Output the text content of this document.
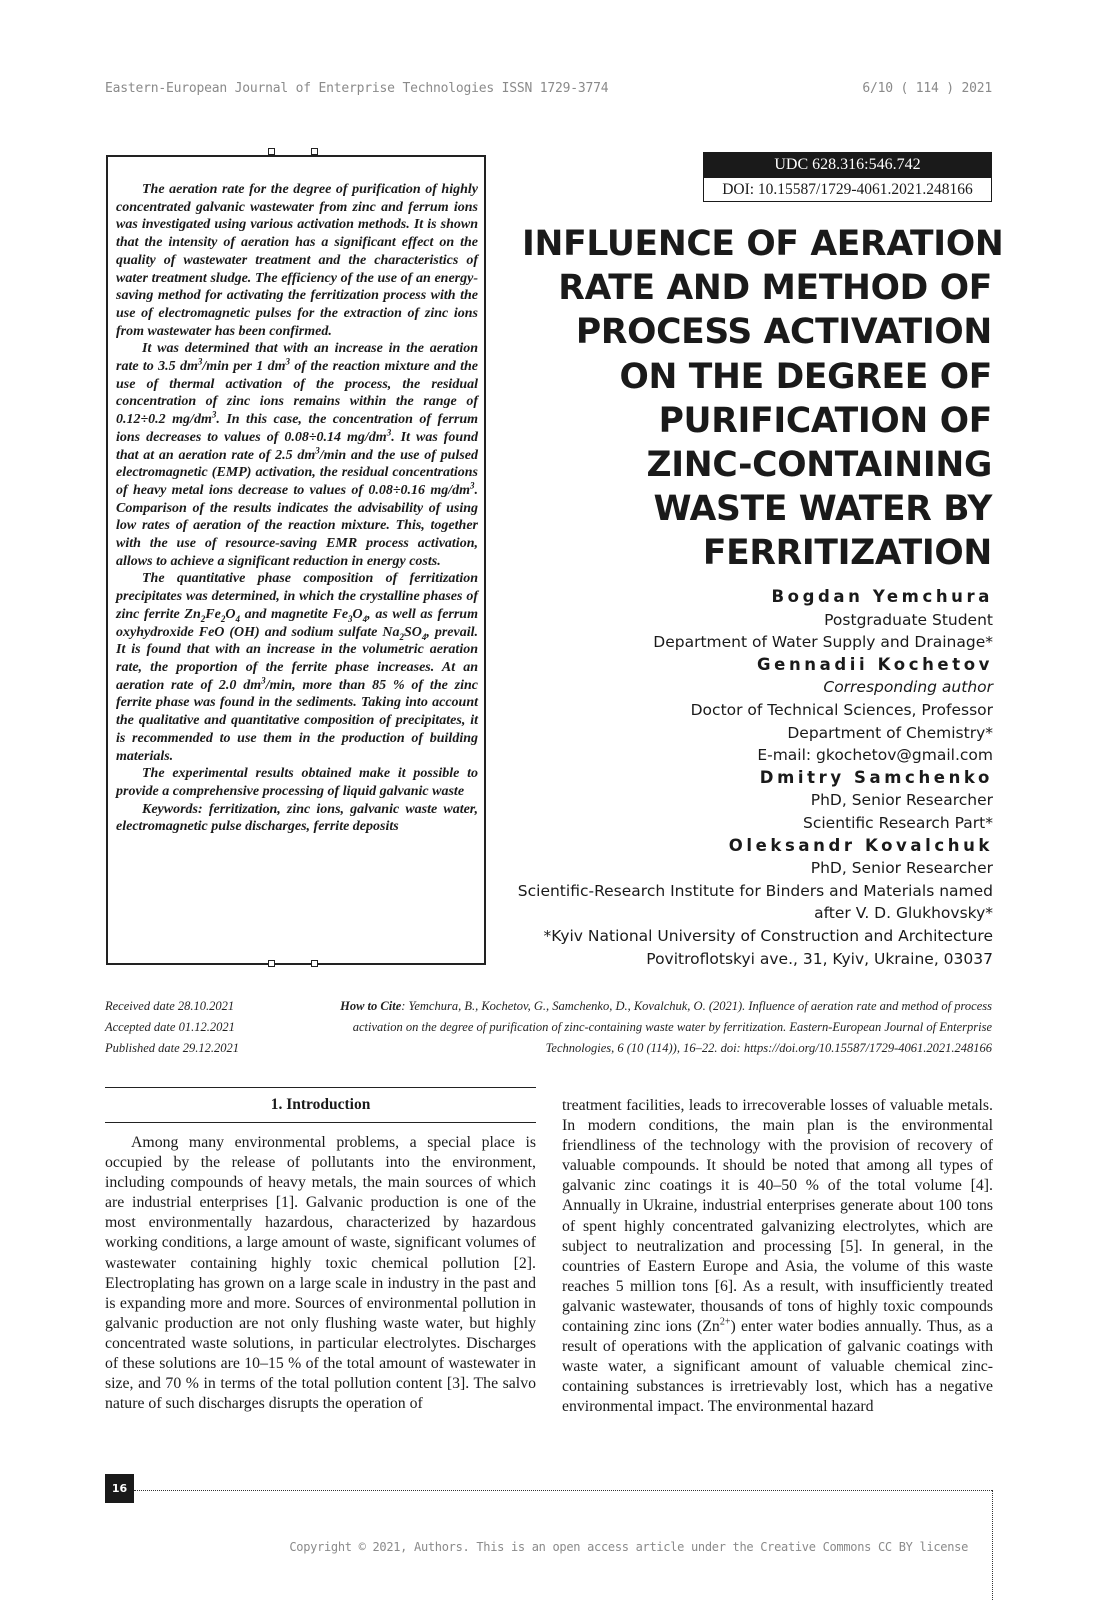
Eastern-European Journal of Enterprise Technologies ISSN 1729-3774	6/10 ( 114 ) 2021

The aeration rate for the degree of purification of highly concentrated galvanic wastewater from zinc and ferrum ions was investigated using various activation methods. It is shown that the intensity of aeration has a significant effect on the quality of wastewater treatment and the characteristics of water treatment sludge. The efficiency of the use of an energy-saving method for activating the ferritization process with the use of electromagnetic pulses for the extraction of zinc ions from wastewater has been confirmed.

It was determined that with an increase in the aeration rate to 3.5 $dm^3/\min$ per 1 $dm^3$ of the reaction mixture and the use of thermal activation of the process, the residual concentration of zinc ions remains within the range of 0.12÷0.2 $mg/dm^3$. In this case, the concentration of ferrum ions decreases to values of 0.08÷0.14 $mg/dm^3$. It was found that at an aeration rate of 2.5 $dm^3/\min$ and the use of pulsed electromagnetic (EMP) activation, the residual concentrations of heavy metal ions decrease to values of 0.08÷0.16 $mg/dm^3$. Comparison of the results indicates the advisability of using low rates of aeration of the reaction mixture. This, together with the use of resource-saving EMR process activation, allows to achieve a significant reduction in energy costs.

The quantitative phase composition of ferritization precipitates was determined, in which the crystalline phases of zinc ferrite $Zn_2Fe_2O_4$ and magnetite $Fe_3O_4$, as well as ferrum oxyhydroxide FeO (OH) and sodium sulfate $Na_2SO_4$, prevail. It is found that with an increase in the volumetric aeration rate, the proportion of the ferrite phase increases. At an aeration rate of 2.0 $dm^3/\min$, more than 85 % of the zinc ferrite phase was found in the sediments. Taking into account the qualitative and quantitative composition of precipitates, it is recommended to use them in the production of building materials.

The experimental results obtained make it possible to provide a comprehensive processing of liquid galvanic waste

Keywords: ferritization, zinc ions, galvanic waste water, electromagnetic pulse discharges, ferrite deposits

UDC 628.316:546.742
DOI: 10.15587/1729-4061.2021.248166
INFLUENCE OF AERATION
RATE AND METHOD OF
PROCESS ACTIVATION
ON THE DEGREE OF
PURIFICATION OF
ZINC-CONTAINING
WASTE WATER BY
FERRITIZATION
Bogdan Yemchura
Postgraduate Student
Department of Water Supply and Drainage*
Gennadii Kochetov
Corresponding author
Doctor of Technical Sciences, Professor
Department of Chemistry*
E-mail: gkochetov@gmail.com
Dmitry Samchenko
PhD, Senior Researcher
Scientific Research Part*
Oleksandr Kovalchuk
PhD, Senior Researcher
Scientific-Research Institute for Binders and Materials named
after V. D. Glukhovsky*
*Kyiv National University of Construction and Architecture
Povitroflotskyi ave., 31, Kyiv, Ukraine, 03037
Received date 28.10.2021
Accepted date 01.12.2021
Published date 29.12.2021
How to Cite: Yemchura, B., Kochetov, G., Samchenko, D., Kovalchuk, O. (2021). Influence of aeration rate and method of process
activation on the degree of purification of zinc-containing waste water by ferritization. Eastern-European Journal of Enterprise
Technologies, 6 (10 (114)), 16–22. doi: https://doi.org/10.15587/1729-4061.2021.248166
1. Introduction

Among many environmental problems, a special place is occupied by the release of pollutants into the environment, including compounds of heavy metals, the main sources of which are industrial enterprises [1]. Galvanic production is one of the most environmentally hazardous, characterized by hazardous working conditions, a large amount of waste, significant volumes of wastewater containing highly toxic chemical pollution [2]. Electroplating has grown on a large scale in industry in the past and is expanding more and more. Sources of environmental pollution in galvanic production are not only flushing waste water, but highly concentrated waste solutions, in particular electrolytes. Discharges of these solutions are 10–15 % of the total amount of wastewater in size, and 70 % in terms of the total pollution content [3]. The salvo nature of such discharges disrupts the operation of

treatment facilities, leads to irrecoverable losses of valuable metals. In modern conditions, the main plan is the environmental friendliness of the technology with the provision of recovery of valuable compounds. It should be noted that among all types of galvanic zinc coatings it is 40–50 % of the total volume [4]. Annually in Ukraine, industrial enterprises generate about 100 tons of spent highly concentrated galvanizing electrolytes, which are subject to neutralization and processing [5]. In general, in the countries of Eastern Europe and Asia, the volume of this waste reaches 5 million tons [6]. As a result, with insufficiently treated galvanic wastewater, thousands of tons of highly toxic compounds containing zinc ions $(Zn^{2+})$ enter water bodies annually. Thus, as a result of operations with the application of galvanic coatings with waste water, a significant amount of valuable chemical zinc-containing substances is irretrievably lost, which has a negative environmental impact. The environmental hazard

16
Copyright © 2021, Authors. This is an open access article under the Creative Commons CC BY license
